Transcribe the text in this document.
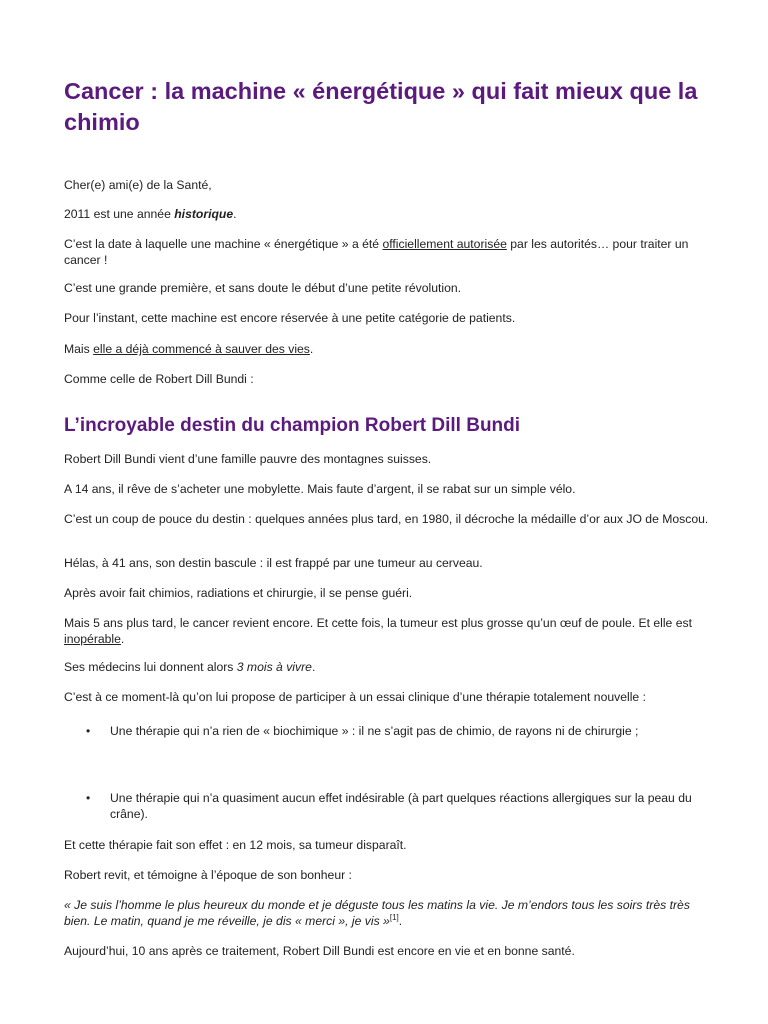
Cancer : la machine « énergétique » qui fait mieux que la chimio

Cher(e) ami(e) de la Santé,

2011 est une année historique.

C’est la date à laquelle une machine « énergétique » a été officiellement autorisée par les autorités… pour traiter un cancer !

C’est une grande première, et sans doute le début d’une petite révolution.

Pour l’instant, cette machine est encore réservée à une petite catégorie de patients.

Mais elle a déjà commencé à sauver des vies.

Comme celle de Robert Dill Bundi :

L’incroyable destin du champion Robert Dill Bundi

Robert Dill Bundi vient d’une famille pauvre des montagnes suisses.

A 14 ans, il rêve de s’acheter une mobylette. Mais faute d’argent, il se rabat sur un simple vélo.

C’est un coup de pouce du destin : quelques années plus tard, en 1980, il décroche la médaille d’or aux JO de Moscou.

Hélas, à 41 ans, son destin bascule : il est frappé par une tumeur au cerveau.

Après avoir fait chimios, radiations et chirurgie, il se pense guéri.

Mais 5 ans plus tard, le cancer revient encore. Et cette fois, la tumeur est plus grosse qu’un œuf de poule. Et elle est inopérable.

Ses médecins lui donnent alors 3 mois à vivre.

C’est à ce moment-là qu’on lui propose de participer à un essai clinique d’une thérapie totalement nouvelle :

• Une thérapie qui n’a rien de « biochimique » : il ne s’agit pas de chimio, de rayons ni de chirurgie ;

• Une thérapie qui n’a quasiment aucun effet indésirable (à part quelques réactions allergiques sur la peau du crâne).

Et cette thérapie fait son effet : en 12 mois, sa tumeur disparaît.

Robert revit, et témoigne à l’époque de son bonheur :

« Je suis l’homme le plus heureux du monde et je déguste tous les matins la vie. Je m’endors tous les soirs très très bien. Le matin, quand je me réveille, je dis « merci », je vis »[1].

Aujourd’hui, 10 ans après ce traitement, Robert Dill Bundi est encore en vie et en bonne santé.
